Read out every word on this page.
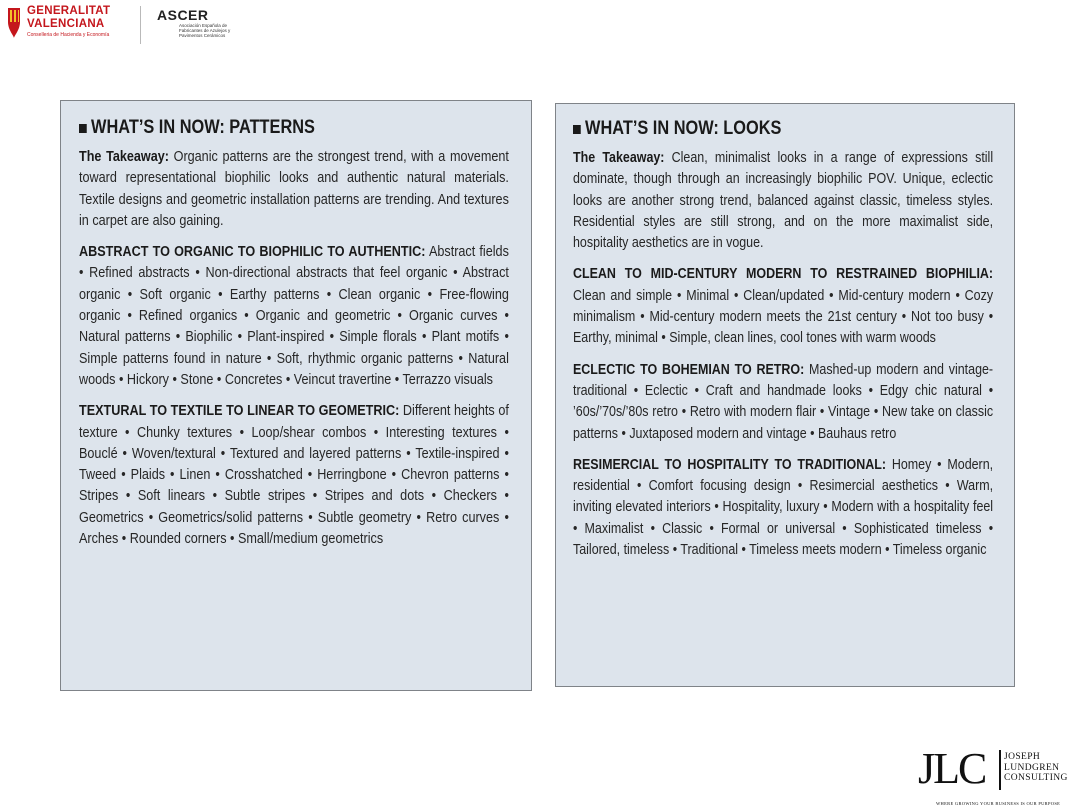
GENERALITAT
VALENCIANA
Conselleria de Hacienda y Economía
ASCER
Asociación Española de Fabricantes de Azulejos y Pavimentos Cerámicos
WHAT’S IN NOW: PATTERNS
The Takeaway: Organic patterns are the strongest trend, with a movement toward representational biophilic looks and authentic natural materials. Textile designs and geometric installation patterns are trending. And textures in carpet are also gaining.
ABSTRACT TO ORGANIC TO BIOPHILIC TO AUTHENTIC: Abstract fields • Refined abstracts • Non-directional abstracts that feel organic • Abstract organic • Soft organic • Earthy patterns • Clean organic • Free-flowing organic • Refined organics • Organic and geometric • Organic curves • Natural patterns • Biophilic • Plant-inspired • Simple florals • Plant motifs • Simple patterns found in nature • Soft, rhythmic organic patterns • Natural woods • Hickory • Stone • Concretes • Veincut travertine • Terrazzo visuals
TEXTURAL TO TEXTILE TO LINEAR TO GEOMETRIC: Different heights of texture • Chunky textures • Loop/shear combos • Interesting textures • Bouclé • Woven/textural • Textured and layered patterns • Textile-inspired • Tweed • Plaids • Linen • Crosshatched • Herringbone • Chevron patterns • Stripes • Soft linears • Subtle stripes • Stripes and dots • Checkers • Geometrics • Geometrics/solid patterns • Subtle geometry • Retro curves • Arches • Rounded corners • Small/medium geometrics
WHAT’S IN NOW: LOOKS
The Takeaway: Clean, minimalist looks in a range of expressions still dominate, though through an increasingly biophilic POV. Unique, eclectic looks are another strong trend, balanced against classic, timeless styles. Residential styles are still strong, and on the more maximalist side, hospitality aesthetics are in vogue.
CLEAN TO MID-CENTURY MODERN TO RESTRAINED BIOPHILIA: Clean and simple • Minimal • Clean/updated • Mid-century modern • Cozy minimalism • Mid-century modern meets the 21st century • Not too busy • Earthy, minimal • Simple, clean lines, cool tones with warm woods
ECLECTIC TO BOHEMIAN TO RETRO: Mashed-up modern and vintage-traditional • Eclectic • Craft and handmade looks • Edgy chic natural • ’60s/’70s/’80s retro • Retro with modern flair • Vintage • New take on classic patterns • Juxtaposed modern and vintage • Bauhaus retro
RESIMERCIAL TO HOSPITALITY TO TRADITIONAL: Homey • Modern, residential • Comfort focusing design • Resimercial aesthetics • Warm, inviting elevated interiors • Hospitality, luxury • Modern with a hospitality feel • Maximalist • Classic • Formal or universal • Sophisticated timeless • Tailored, timeless • Traditional • Timeless meets modern • Timeless organic
JLC JOSEPH
LUNDGREN
CONSULTING
WHERE GROWING YOUR BUSINESS IS OUR PURPOSE
